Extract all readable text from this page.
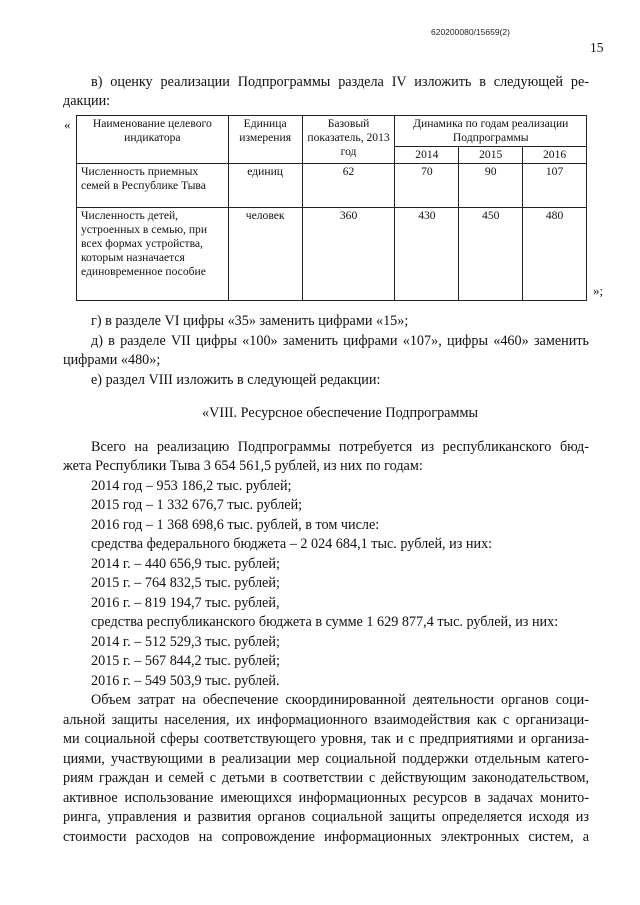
620200080/15659(2)
15
в) оценку реализации Подпрограммы раздела IV изложить в следующей ре-
дакции:
« Наименование целевого индикатора	Единица измерения	Базовый показатель, 2013 год	Динамика по годам реализации Подпрограммы		
			2014	2015	2016
Численность приемных семей в Республике Тыва	единиц	62	70	90	107
Численность детей, устроенных в семью, при всех формах устройства, которым назначается единовременное пособие	человек	360	430	450	480
»;
г) в разделе VI цифры «35» заменить цифрами «15»;
д) в разделе VII цифры «100» заменить цифрами «107», цифры «460» заменить
цифрами «480»;
е) раздел VIII изложить в следующей редакции:
«VIII. Ресурсное обеспечение Подпрограммы
Всего на реализацию Подпрограммы потребуется из республиканского бюд-
жета Республики Тыва 3 654 561,5 рублей, из них по годам:
2014 год – 953 186,2 тыс. рублей;
2015 год – 1 332 676,7 тыс. рублей;
2016 год – 1 368 698,6 тыс. рублей, в том числе:
средства федерального бюджета – 2 024 684,1 тыс. рублей, из них:
2014 г. – 440 656,9 тыс. рублей;
2015 г. – 764 832,5 тыс. рублей;
2016 г. – 819 194,7 тыс. рублей,
средства республиканского бюджета в сумме 1 629 877,4 тыс. рублей, из них:
2014 г. – 512 529,3 тыс. рублей;
2015 г. – 567 844,2 тыс. рублей;
2016 г. – 549 503,9 тыс. рублей.
Объем затрат на обеспечение скоординированной деятельности органов соци-
альной защиты населения, их информационного взаимодействия как с организаци-
ми социальной сферы соответствующего уровня, так и с предприятиями и организа-
циями, участвующими в реализации мер социальной поддержки отдельным катего-
риям граждан и семей с детьми в соответствии с действующим законодательством,
активное использование имеющихся информационных ресурсов в задачах монито-
ринга, управления и развития органов социальной защиты определяется исходя из
стоимости расходов на сопровождение информационных электронных систем, а
